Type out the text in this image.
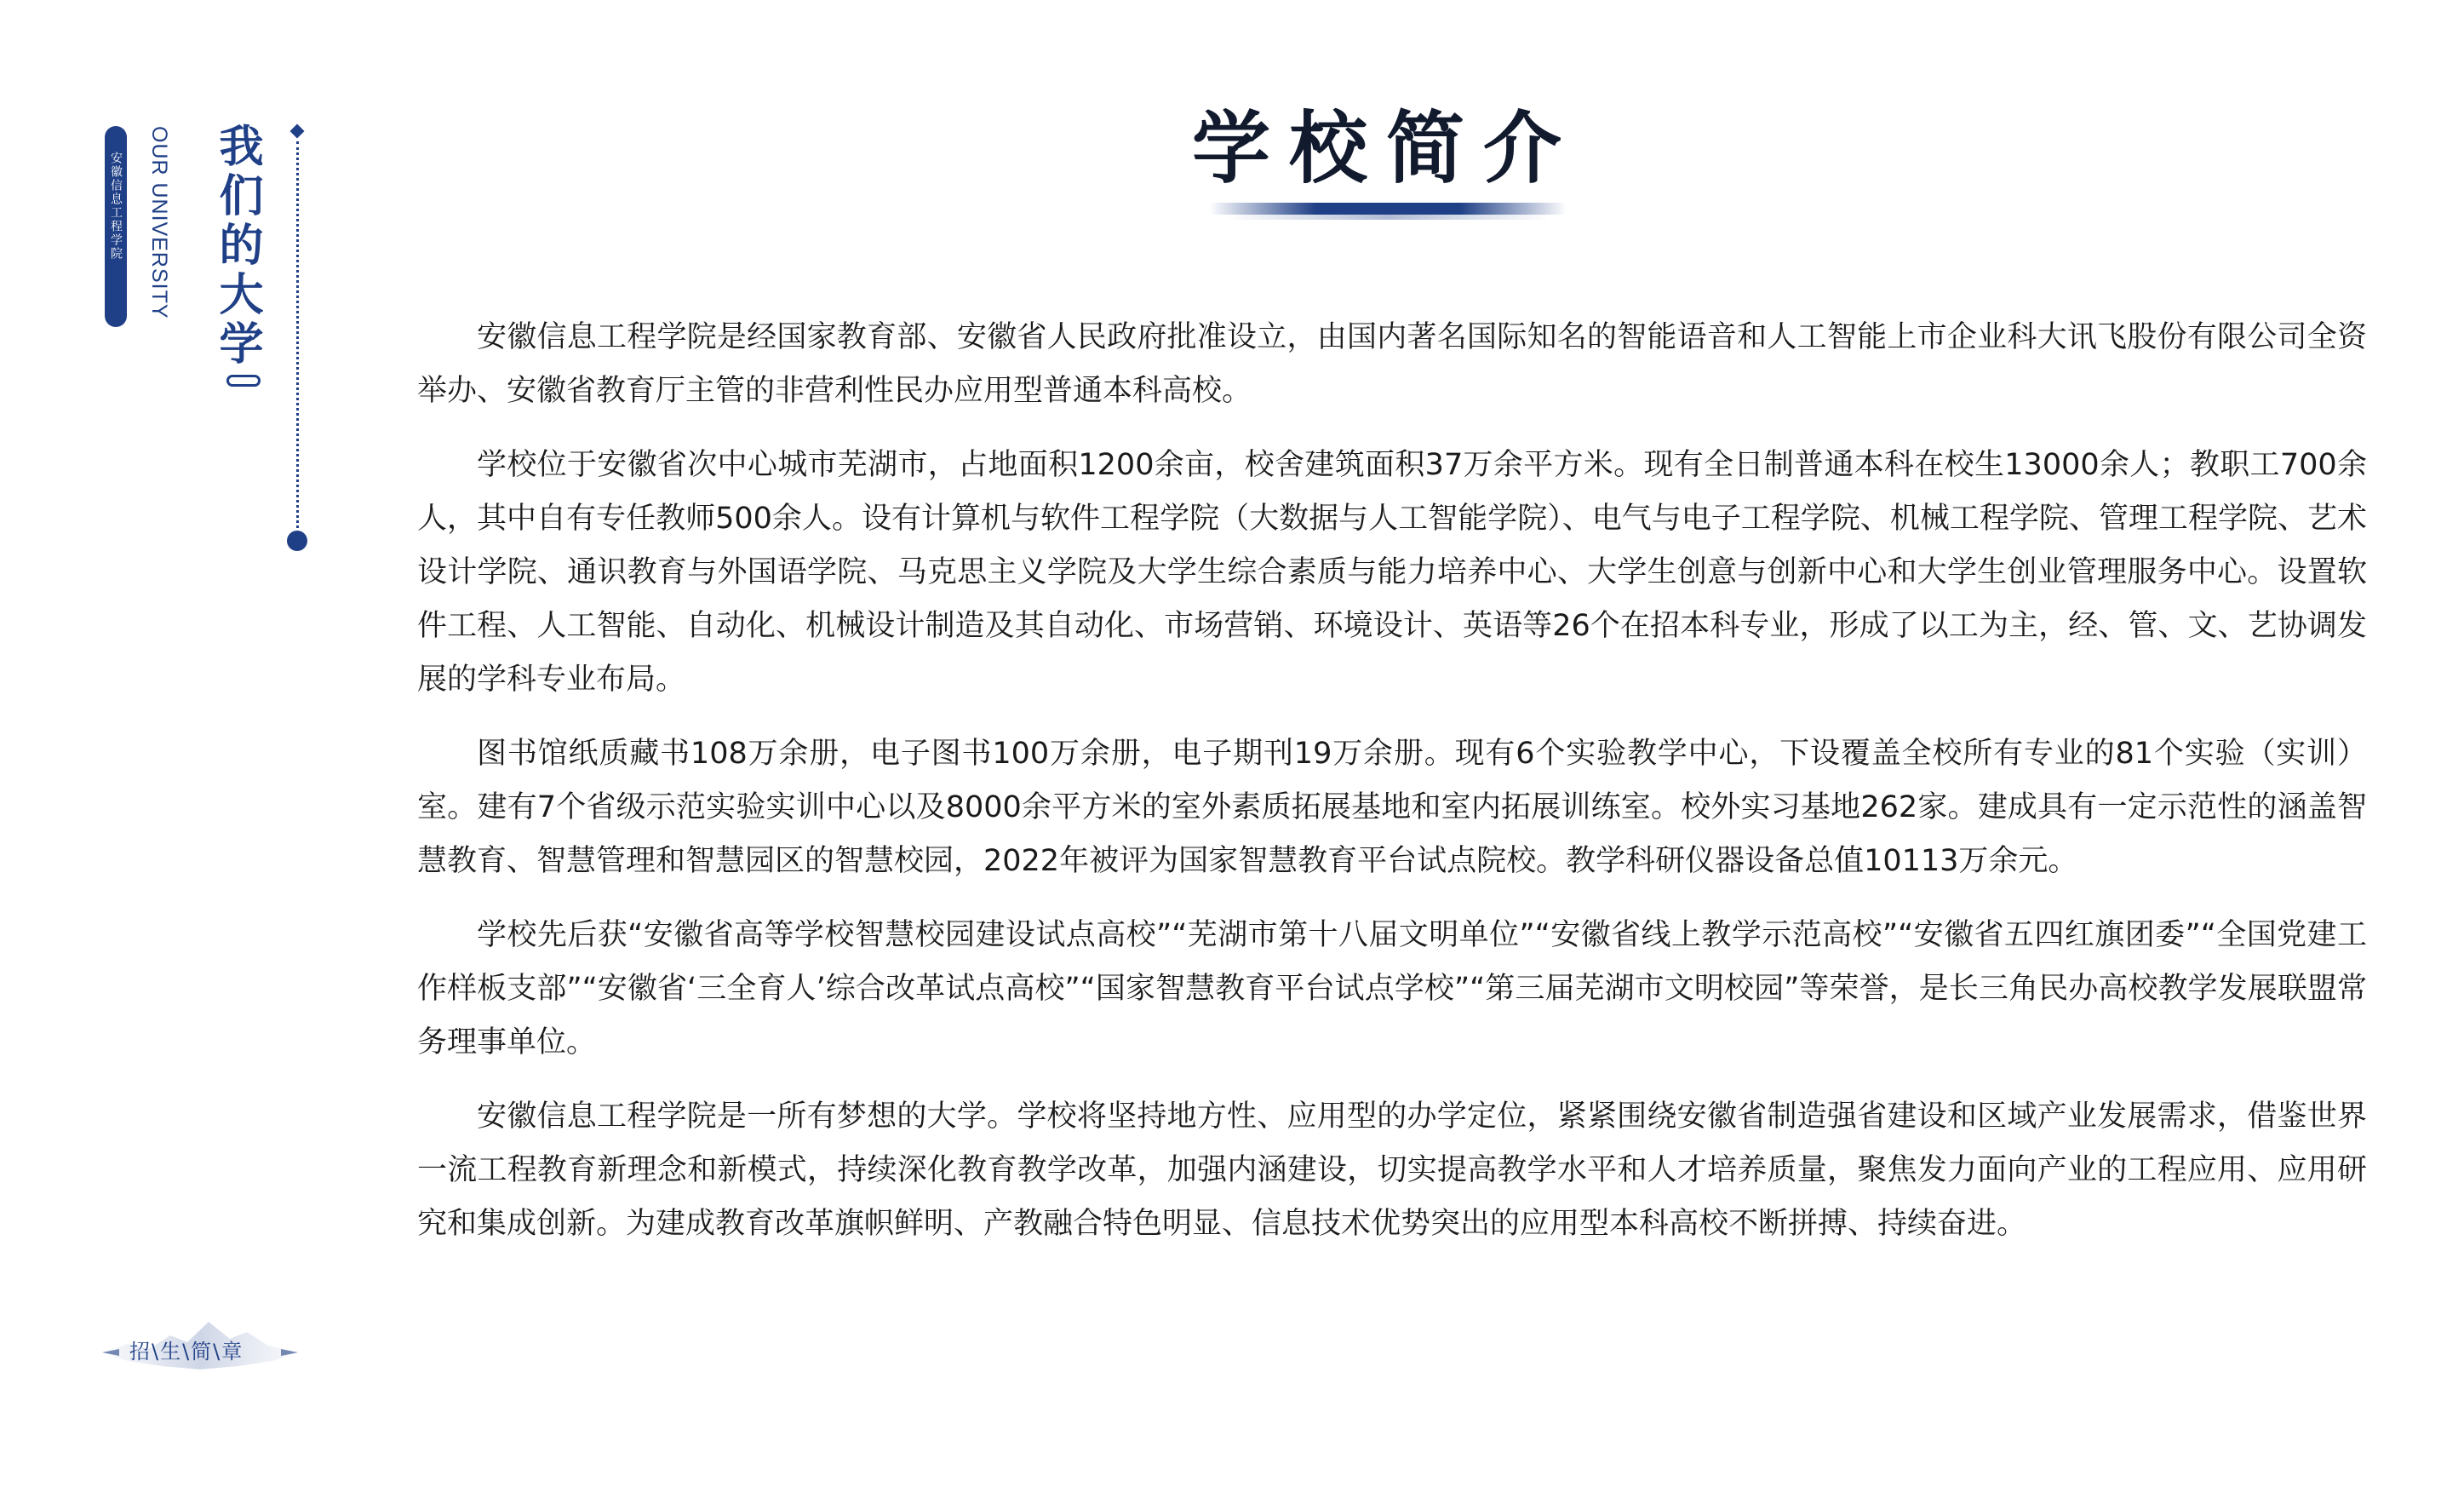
安徽信息工程学院 OUR UNIVERSITY 我们的大学	学校简介

安徽信息工程学院是经国家教育部、安徽省人民政府批准设立，由国内著名国际知名的智能语音和人工智能上市企业科大讯飞股份有限公司全资举办、安徽省教育厅主管的非营利性民办应用型普通本科高校。

学校位于安徽省次中心城市芜湖市，占地面积1200余亩，校舍建筑面积37万余平方米。现有全日制普通本科在校生13000余人；教职工700余人，其中自有专任教师500余人。设有计算机与软件工程学院（大数据与人工智能学院）、电气与电子工程学院、机械工程学院、管理工程学院、艺术设计学院、通识教育与外国语学院、马克思主义学院及大学生综合素质与能力培养中心、大学生创意与创新中心和大学生创业管理服务中心。设置软件工程、人工智能、自动化、机械设计制造及其自动化、市场营销、环境设计、英语等26个在招本科专业，形成了以工为主，经、管、文、艺协调发展的学科专业布局。

图书馆纸质藏书108万余册，电子图书100万余册，电子期刊19万余册。现有6个实验教学中心，下设覆盖全校所有专业的81个实验（实训）室。建有7个省级示范实验实训中心以及8000余平方米的室外素质拓展基地和室内拓展训练室。校外实习基地262家。建成具有一定示范性的涵盖智慧教育、智慧管理和智慧园区的智慧校园，2022年被评为国家智慧教育平台试点院校。教学科研仪器设备总值10113万余元。

学校先后获“安徽省高等学校智慧校园建设试点高校”“芜湖市第十八届文明单位”“安徽省线上教学示范高校”“安徽省五四红旗团委”“全国党建工作样板支部”“安徽省‘三全育人’综合改革试点高校”“国家智慧教育平台试点学校”“第三届芜湖市文明校园”等荣誉，是长三角民办高校教学发展联盟常务理事单位。

安徽信息工程学院是一所有梦想的大学。学校将坚持地方性、应用型的办学定位，紧紧围绕安徽省制造强省建设和区域产业发展需求，借鉴世界一流工程教育新理念和新模式，持续深化教育教学改革，加强内涵建设，切实提高教学水平和人才培养质量，聚焦发力面向产业的工程应用、应用研究和集成创新。为建成教育改革旗帜鲜明、产教融合特色明显、信息技术优势突出的应用型本科高校不断拼搏、持续奋进。

招\生\简\章
